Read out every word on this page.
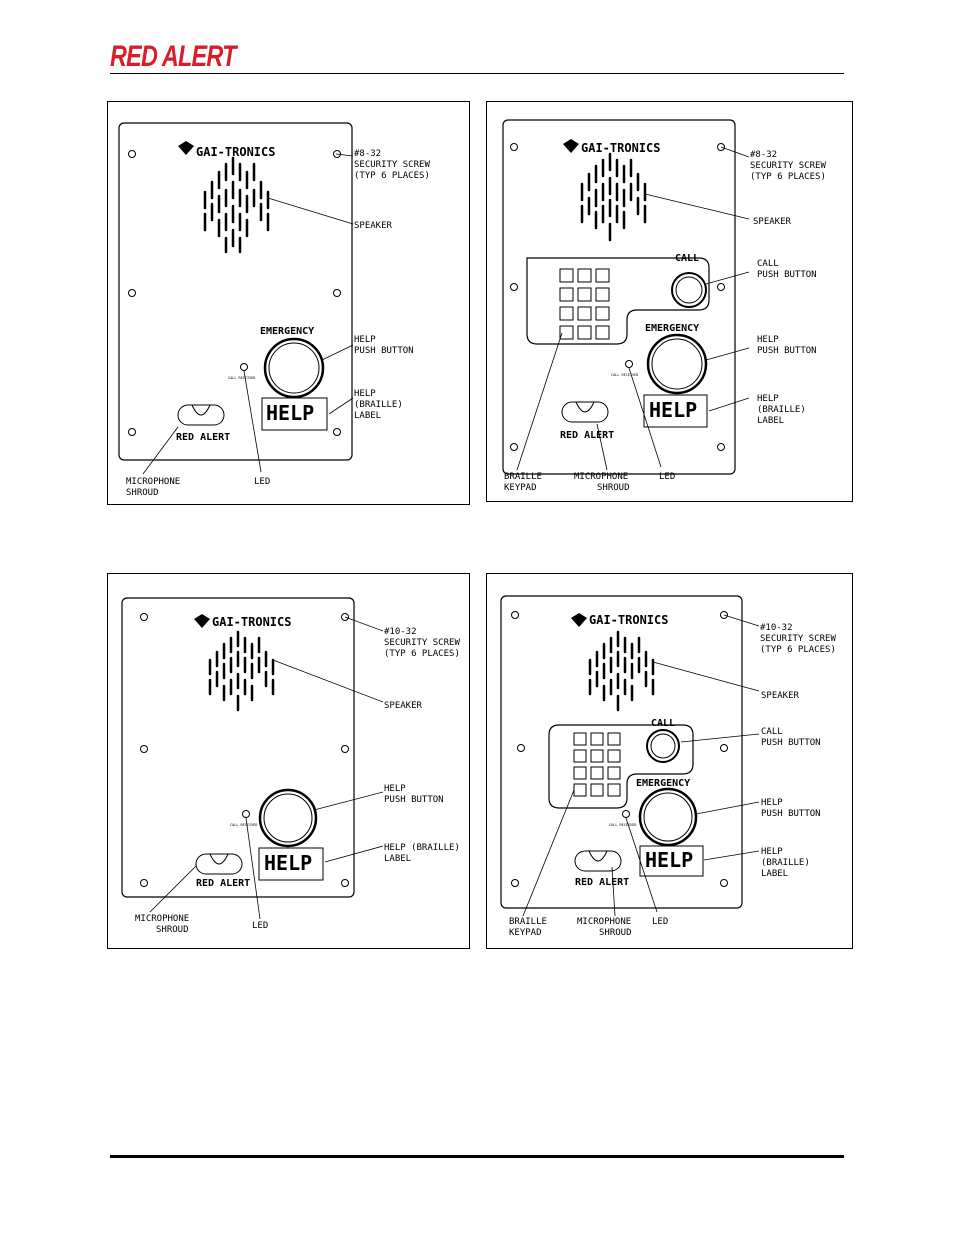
RED ALERT
GAI-TRONICS
EMERGENCY
CALL RECEIVED
HELP
RED ALERT
#8-32 SECURITY SCREW (TYP 6 PLACES) SPEAKER HELP PUSH BUTTON HELP (BRAILLE) LABEL MICROPHONE SHROUD LED
GAI-TRONICS
CALL
EMERGENCY
CALL RECEIVED
HELP
RED ALERT
#8-32 SECURITY SCREW (TYP 6 PLACES) SPEAKER CALL PUSH BUTTON HELP PUSH BUTTON HELP (BRAILLE) LABEL BRAILLE KEYPAD MICROPHONE SHROUD LED
GAI-TRONICS
CALL RECEIVED
HELP
RED ALERT
#10-32 SECURITY SCREW (TYP 6 PLACES) SPEAKER HELP PUSH BUTTON HELP (BRAILLE) LABEL MICROPHONE SHROUD	LED
GAI-TRONICS
CALL
EMERGENCY
CALL RECEIVED
HELP
RED ALERT
#10-32 SECURITY SCREW (TYP 6 PLACES) SPEAKER CALL PUSH BUTTON HELP PUSH BUTTON HELP (BRAILLE) LABEL BRAILLE KEYPAD MICROPHONE SHROUD LED
